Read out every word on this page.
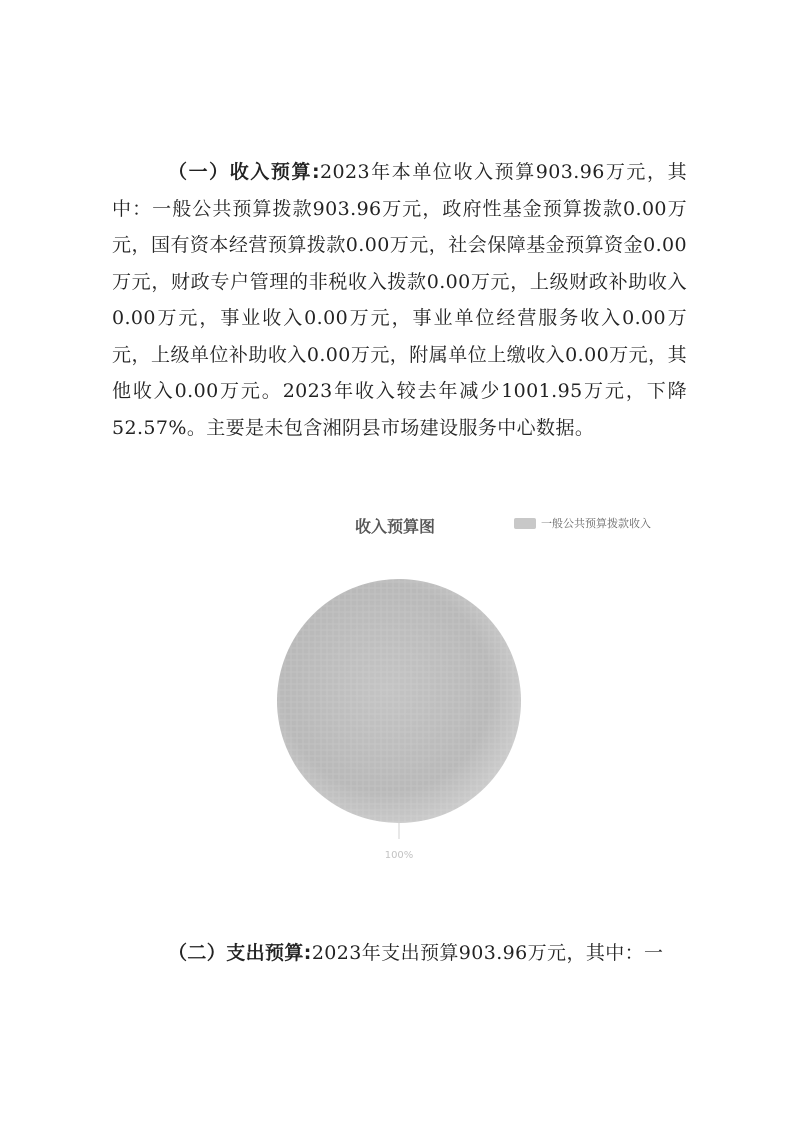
（一）收入预算:2023年本单位收入预算903.96万元，其中：一般公共预算拨款903.96万元，政府性基金预算拨款0.00万元，国有资本经营预算拨款0.00万元，社会保障基金预算资金0.00万元，财政专户管理的非税收入拨款0.00万元，上级财政补助收入0.00万元，事业收入0.00万元，事业单位经营服务收入0.00万元，上级单位补助收入0.00万元，附属单位上缴收入0.00万元，其他收入0.00万元。2023年收入较去年减少1001.95万元，下降52.57%。主要是未包含湘阴县市场建设服务中心数据。

收入预算图	一般公共预算拨款收入
100%

（二）支出预算:2023年支出预算903.96万元，其中：一
